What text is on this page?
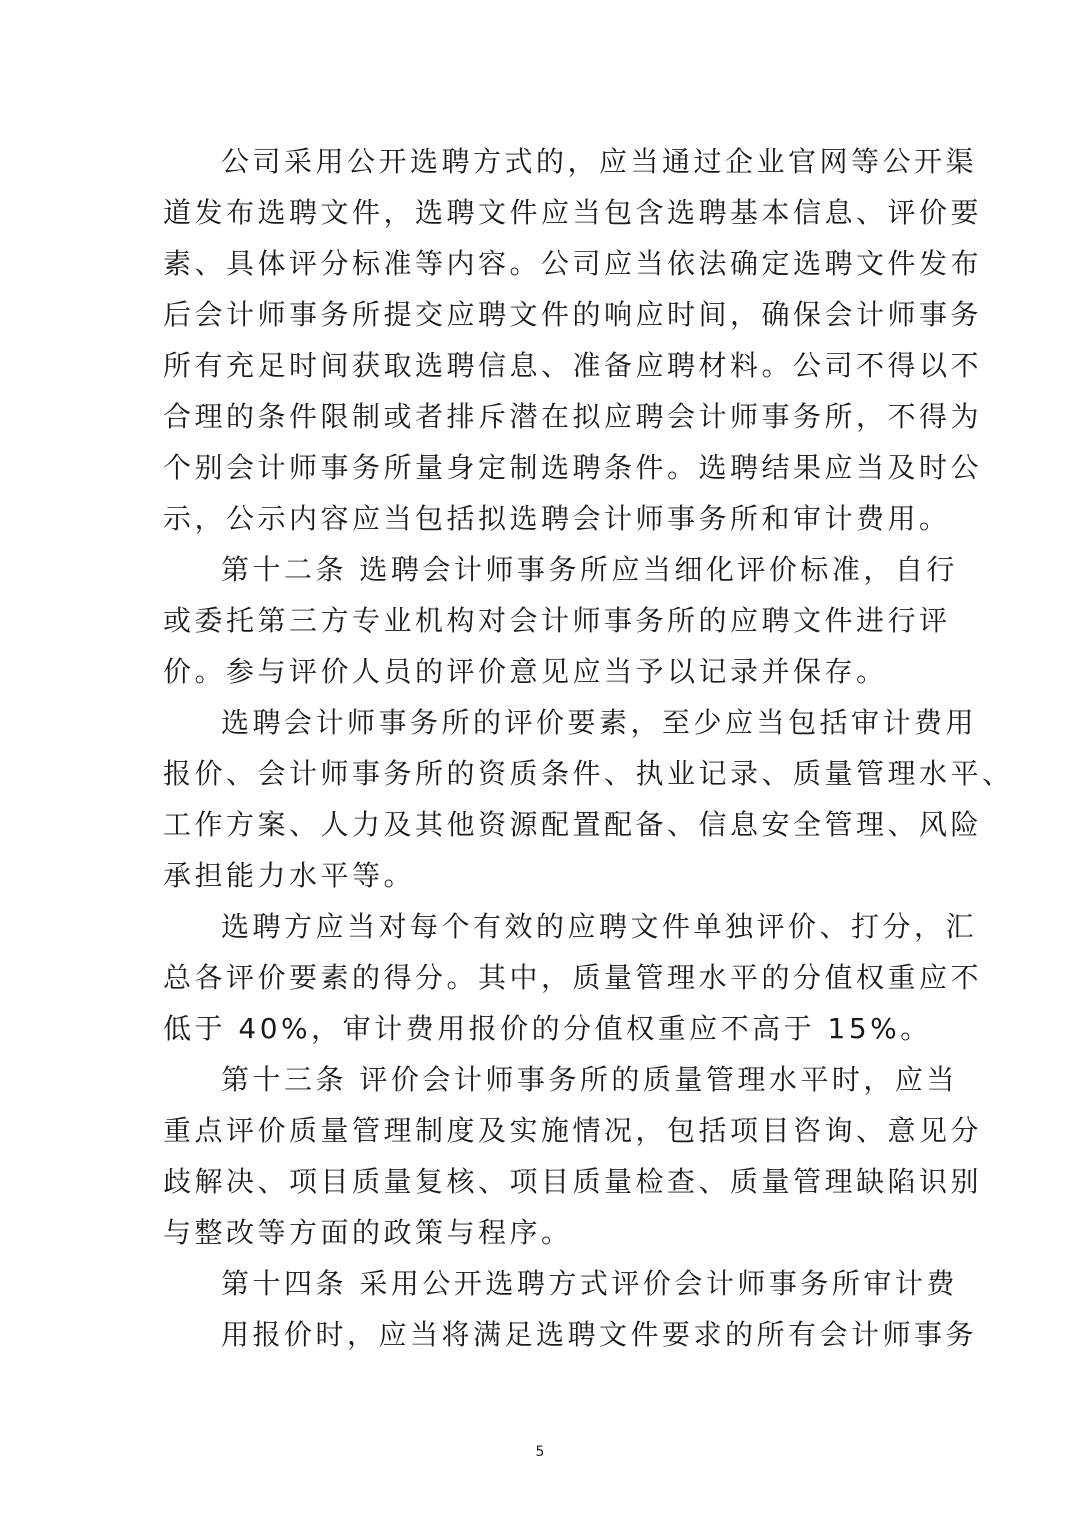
公司采用公开选聘方式的，应当通过企业官网等公开渠
道发布选聘文件，选聘文件应当包含选聘基本信息、评价要
素、具体评分标准等内容。公司应当依法确定选聘文件发布
后会计师事务所提交应聘文件的响应时间，确保会计师事务
所有充足时间获取选聘信息、准备应聘材料。公司不得以不
合理的条件限制或者排斥潜在拟应聘会计师事务所，不得为
个别会计师事务所量身定制选聘条件。选聘结果应当及时公
示，公示内容应当包括拟选聘会计师事务所和审计费用。
第十二条 选聘会计师事务所应当细化评价标准，自行
或委托第三方专业机构对会计师事务所的应聘文件进行评
价。参与评价人员的评价意见应当予以记录并保存。
选聘会计师事务所的评价要素，至少应当包括审计费用
报价、会计师事务所的资质条件、执业记录、质量管理水平、
工作方案、人力及其他资源配置配备、信息安全管理、风险
承担能力水平等。
选聘方应当对每个有效的应聘文件单独评价、打分，汇
总各评价要素的得分。其中，质量管理水平的分值权重应不
低于 40%，审计费用报价的分值权重应不高于 15%。
第十三条 评价会计师事务所的质量管理水平时，应当
重点评价质量管理制度及实施情况，包括项目咨询、意见分
歧解决、项目质量复核、项目质量检查、质量管理缺陷识别
与整改等方面的政策与程序。
第十四条 采用公开选聘方式评价会计师事务所审计费
用报价时，应当将满足选聘文件要求的所有会计师事务
5
